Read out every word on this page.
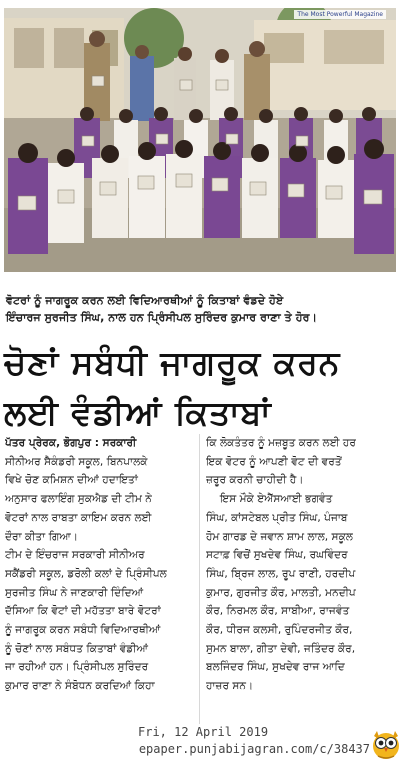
The Most Powerful Magazine
ਵੋਟਰਾਂ ਨੂੰ ਜਾਗਰੂਕ ਕਰਨ ਲਈ ਵਿਦਿਆਰਥੀਆਂ ਨੂੰ ਕਿਤਾਬਾਂ ਵੰਡਦੇ ਹੋਏ
ਇੰਚਾਰਜ ਸੁਰਜੀਤ ਸਿੰਘ, ਨਾਲ ਹਨ ਪ੍ਰਿੰਸੀਪਲ ਸੁਰਿੰਦਰ ਕੁਮਾਰ ਰਾਣਾ ਤੇ ਹੋਰ।
ਚੋਣਾਂ ਸਬੰਧੀ ਜਾਗਰੂਕ ਕਰਨ
ਲਈ ਵੰਡੀਆਂ ਕਿਤਾਬਾਂ
ਪੱਤਰ ਪ੍ਰੇਰਕ, ਭੋਗਪੁਰ : ਸਰਕਾਰੀ
ਸੀਨੀਅਰ ਸੈਕੰਡਰੀ ਸਕੂਲ, ਬਿਨਪਾਲਕੇ
ਵਿਖੇ ਚੋਣ ਕਮਿਸ਼ਨ ਦੀਆਂ ਹਦਾਇਤਾਂ
ਅਨੁਸਾਰ ਫਲਾਇੰਗ ਸੁਕਐਡ ਦੀ ਟੀਮ ਨੇ
ਵੋਟਰਾਂ ਨਾਲ ਰਾਬਤਾ ਕਾਇਮ ਕਰਨ ਲਈ
ਦੌਰਾ ਕੀਤਾ ਗਿਆ।
ਟੀਮ ਦੇ ਇੰਚਰਾਜ ਸਰਕਾਰੀ ਸੀਨੀਅਰ
ਸਕੈਂਡਰੀ ਸਕੂਲ, ਡਰੋਲੀ ਕਲਾਂ ਦੇ ਪ੍ਰਿੰਸੀਪਲ
ਸੁਰਜੀਤ ਸਿੰਘ ਨੇ ਜਾਣਕਾਰੀ ਦਿੰਦਿਆਂ
ਦੱਸਿਆ ਕਿ ਵੋਟਾਂ ਦੀ ਮਹੱਤਤਾ ਬਾਰੇ ਵੋਟਰਾਂ
ਨੂੰ ਜਾਗਰੂਕ ਕਰਨ ਸਬੰਧੀ ਵਿਦਿਆਰਥੀਆਂ
ਨੂੰ ਚੋਣਾਂ ਨਾਲ ਸਬੰਧਤ ਕਿਤਾਬਾਂ ਵੰਡੀਆਂ
ਜਾ ਰਹੀਆਂ ਹਨ। ਪ੍ਰਿੰਸੀਪਲ ਸੁਰਿੰਦਰ
ਕੁਮਾਰ ਰਾਣਾ ਨੇ ਸੰਬੋਧਨ ਕਰਦਿਆਂ ਕਿਹਾ
ਕਿ ਲੋਕਤੰਤਰ ਨੂੰ ਮਜ਼ਬੂਤ ਕਰਨ ਲਈ ਹਰ
ਇਕ ਵੋਟਰ ਨੂੰ ਆਪਣੀ ਵੋਟ ਦੀ ਵਰਤੋਂ
ਜ਼ਰੂਰ ਕਰਨੀ ਚਾਹੀਦੀ ਹੈ।
ਇਸ ਮੌਕੇ ਏਐੱਸਆਈ ਭਗਵੰਤ
ਸਿੰਘ, ਕਾਂਸਟੇਬਲ ਪ੍ਰੀਤ ਸਿੰਘ, ਪੰਜਾਬ
ਹੋਮ ਗਾਰਡ ਦੇ ਜਵਾਨ ਸ਼ਾਮ ਲਾਲ, ਸਕੂਲ
ਸਟਾਫ਼ ਵਿਚੋਂ ਸੁਖਦੇਵ ਸਿੰਘ, ਰਘਵਿੰਦਰ
ਸਿੰਘ, ਬ੍ਰਿਜ ਲਾਲ, ਰੂਪ ਰਾਣੀ, ਹਰਦੀਪ
ਕੁਮਾਰ, ਗੁਰਜੀਤ ਕੌਰ, ਮਾਲਤੀ, ਮਨਦੀਪ
ਕੌਰ, ਨਿਰਮਲ ਕੌਰ, ਸਾਬੀਆ, ਰਾਜਵੰਤ
ਕੌਰ, ਧੀਰਜ ਕਲਸੀ, ਰੁਪਿੰਦਰਜੀਤ ਕੌਰ,
ਸੁਮਨ ਬਾਲਾ, ਗੀਤਾ ਦੇਵੀ, ਜਤਿੰਦਰ ਕੌਰ,
ਬਲਜਿੰਦਰ ਸਿੰਘ, ਸੁਖਦੇਵ ਰਾਜ ਆਦਿ
ਹਾਜ਼ਰ ਸਨ।
Fri, 12 April 2019
epaper.punjabijagran.com/c/38437
